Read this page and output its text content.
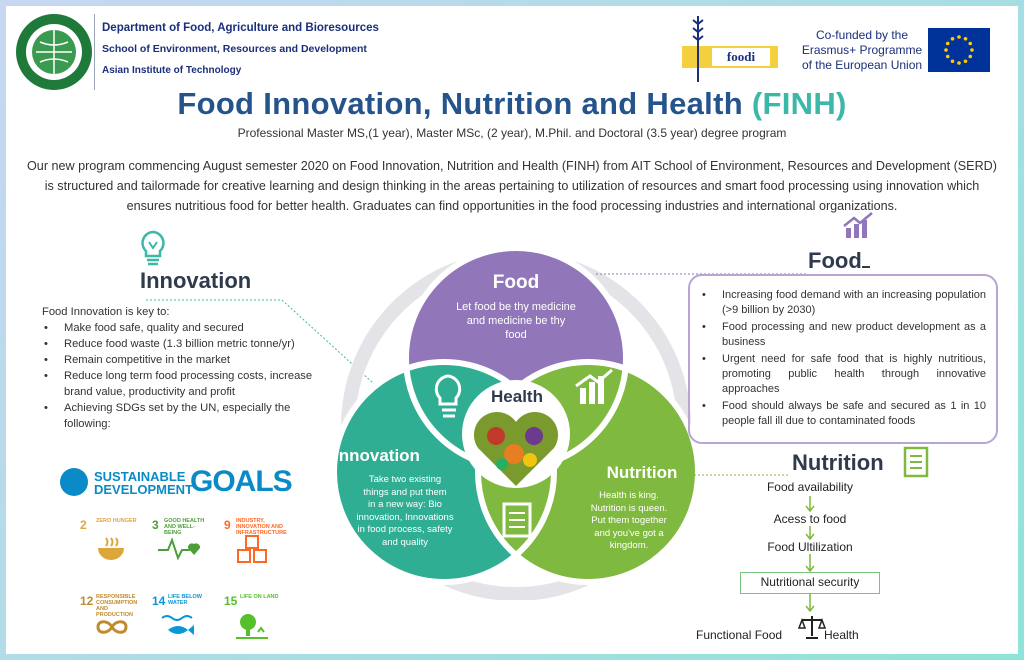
Department of Food, Agriculture and Bioresources
School of Environment, Resources and Development
Asian Institute of Technology
foodi
Co-funded by the
Erasmus+ Programme
of the European Union
Food Innovation, Nutrition and Health (FINH)
Professional Master MS,(1 year), Master MSc, (2 year), M.Phil. and Doctoral (3.5 year) degree program
Our new program commencing August semester 2020 on Food Innovation, Nutrition and Health (FINH) from AIT School of Environment, Resources and Development (SERD) is structured and tailormade for creative learning and design thinking in the areas pertaining to utilization of resources and smart food processing using innovation which ensures nutritious food for better health. Graduates can find opportunities in the food processing industries and international organizations.
Innovation
Food Innovation is key to:
• Make food safe, quality and secured
• Reduce food waste (1.3 billion metric tonne/yr)
• Remain competitive in the market
• Reduce long term food processing costs, increase brand value, productivity and profit
• Achieving SDGs set by the UN, especially the following:
SUSTAINABLE
DEVELOPMENT
GOALS
2 ZERO HUNGER 3 GOOD HEALTH AND WELL-BEING
9 INDUSTRY, INNOVATION AND INFRASTRUCTURE
12 RESPONSIBLE CONSUMPTION AND PRODUCTION
14 LIFE BELOW WATER	15 LIFE ON LAND
Food
Let food be thy medicine
and medicine be thy
food
Health
Innovation
Take two existing
things and put them
in a new way: Bio
innovation, Innovations
in food process, safety
and quality
Nutrition
Health is king.
Nutrition is queen.
Put them together
and you've got a
kingdom.
Food
• Increasing food demand with an increasing population (>9 billion by 2030)
• Food processing and new product development as a business
• Urgent need for safe food that is highly nutritious, promoting public health through innovative approaches
• Food should always be safe and secured as 1 in 10 people fall ill due to contaminated foods
Nutrition
Food availability
Acess to food
Food Ultilization
Nutritional security
Functional Food	Health
